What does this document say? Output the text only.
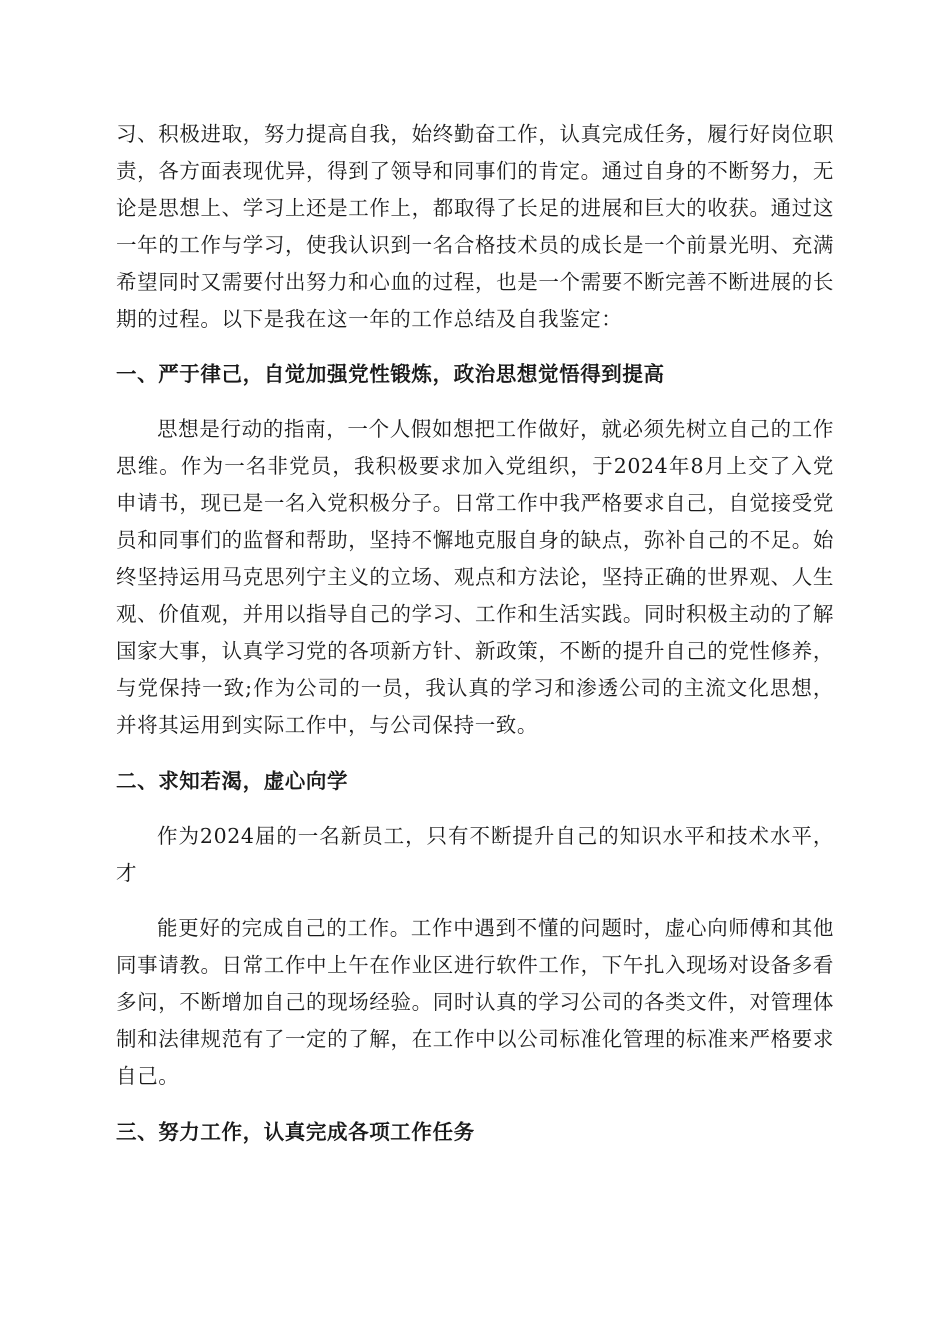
习、积极进取，努力提高自我，始终勤奋工作，认真完成任务，履行好岗位职责，各方面表现优异，得到了领导和同事们的肯定。通过自身的不断努力，无论是思想上、学习上还是工作上，都取得了长足的进展和巨大的收获。通过这一年的工作与学习，使我认识到一名合格技术员的成长是一个前景光明、充满希望同时又需要付出努力和心血的过程，也是一个需要不断完善不断进展的长期的过程。以下是我在这一年的工作总结及自我鉴定：

一、严于律己，自觉加强党性锻炼，政治思想觉悟得到提高

思想是行动的指南，一个人假如想把工作做好，就必须先树立自己的工作思维。作为一名非党员，我积极要求加入党组织，于2024年8月上交了入党申请书，现已是一名入党积极分子。日常工作中我严格要求自己，自觉接受党员和同事们的监督和帮助，坚持不懈地克服自身的缺点，弥补自己的不足。始终坚持运用马克思列宁主义的立场、观点和方法论，坚持正确的世界观、人生观、价值观，并用以指导自己的学习、工作和生活实践。同时积极主动的了解国家大事，认真学习党的各项新方针、新政策，不断的提升自己的党性修养，与党保持一致;作为公司的一员，我认真的学习和渗透公司的主流文化思想，并将其运用到实际工作中，与公司保持一致。

二、求知若渴，虚心向学

作为2024届的一名新员工，只有不断提升自己的知识水平和技术水平，才

能更好的完成自己的工作。工作中遇到不懂的问题时，虚心向师傅和其他同事请教。日常工作中上午在作业区进行软件工作，下午扎入现场对设备多看多问，不断增加自己的现场经验。同时认真的学习公司的各类文件，对管理体制和法律规范有了一定的了解，在工作中以公司标准化管理的标准来严格要求自己。

三、努力工作，认真完成各项工作任务
